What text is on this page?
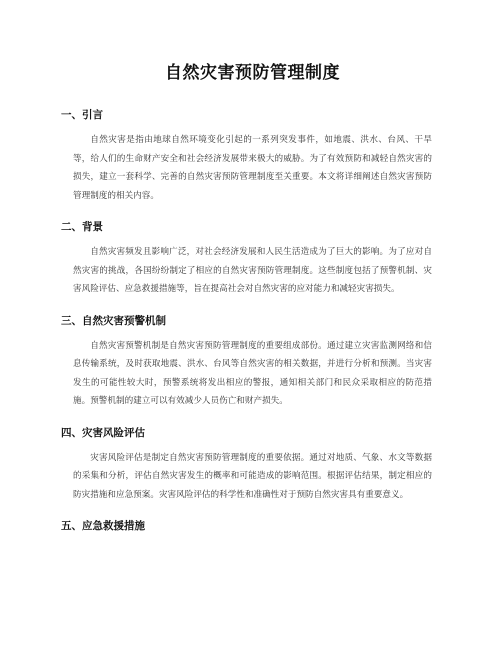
自然灾害预防管理制度
一、引言

自然灾害是指由地球自然环境变化引起的一系列突发事件，如地震、洪水、台风、干旱等，给人们的生命财产安全和社会经济发展带来极大的威胁。为了有效预防和减轻自然灾害的损失，建立一套科学、完善的自然灾害预防管理制度至关重要。本文将详细阐述自然灾害预防管理制度的相关内容。

二、背景

自然灾害频发且影响广泛，对社会经济发展和人民生活造成为了巨大的影响。为了应对自然灾害的挑战，各国纷纷制定了相应的自然灾害预防管理制度。这些制度包括了预警机制、灾害风险评估、应急救援措施等，旨在提高社会对自然灾害的应对能力和减轻灾害损失。

三、自然灾害预警机制

自然灾害预警机制是自然灾害预防管理制度的重要组成部份。通过建立灾害监测网络和信息传输系统，及时获取地震、洪水、台风等自然灾害的相关数据，并进行分析和预测。当灾害发生的可能性较大时，预警系统将发出相应的警报，通知相关部门和民众采取相应的防范措施。预警机制的建立可以有效减少人员伤亡和财产损失。

四、灾害风险评估

灾害风险评估是制定自然灾害预防管理制度的重要依据。通过对地质、气象、水文等数据的采集和分析，评估自然灾害发生的概率和可能造成的影响范围。根据评估结果，制定相应的防灾措施和应急预案。灾害风险评估的科学性和准确性对于预防自然灾害具有重要意义。

五、应急救援措施
